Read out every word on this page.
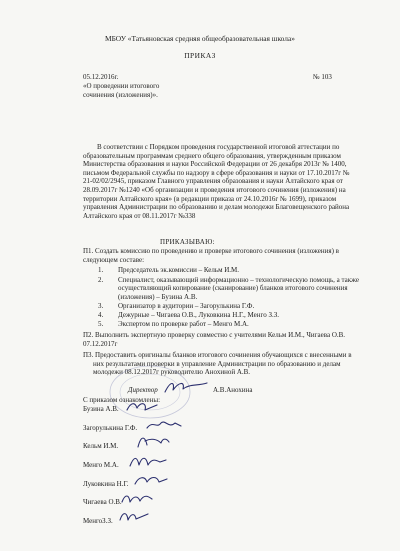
МБОУ «Татьяновская средняя общеобразовательная школа»
ПРИКАЗ
05.12.2016г.	№ 103
«О проведении итогового
сочинения (изложения)».
В соответствии с Порядком проведения государственной итоговой аттестации по
образовательным программам среднего общего образования, утвержденным приказом
Министерства образования и науки Российской Федерации от 26 декабря 2013г № 1400,
письмом Федеральной службы по надзору в сфере образования и науки от 17.10.2017г №
21-02/02/2945, приказом Главного управления образования и науки Алтайского края от
28.09.2017г №1240 «Об организации и проведения итогового сочинения (изложения) на
территории Алтайского края» (в редакции приказа от 24.10.2016г № 1699), приказом
управления Администрации по образованию и делам молодежи Благовещенского района
Алтайского края от 08.11.2017г №338
ПРИКАЗЫВАЮ:
П1. Создать комиссию по проведению и проверке итогового сочинения (изложения) в
следующем составе:
1.	Председатель эк.комиссии – Кельм И.М.
2.	Специалист, оказывающий информационно – технологическую помощь, а также
осуществляющий копирование (сканирование) бланков итогового сочинения
(изложения) – Бузина А.В.
3.	Организатор в аудитории – Загорулькина Г.Ф.
4.	Дежурные – Чигаева О.В., Луковкина Н.Г., Менго З.З.
5.	Экспертом по проверке работ – Менго М.А.
П2. Выполнить экспертную проверку совместно с учителями Кельм И.М., Чигаева О.В.
07.12.2017г
П3. Предоставить оригиналы бланков итогового сочинения обучающихся с внесенными в
них результатами проверки в управление Администрации по образованию и делам
молодежи 08.12.2017г руководителю Анохиной А.В.
Директор	А.В.Анохина
С приказом ознакомлены:
Бузина А.В.
Загорулькина Г.Ф.
Кельм И.М.
Менго М.А.
Луковкина Н.Г.
Чигаева О.В.
МенгоЗ.З.
